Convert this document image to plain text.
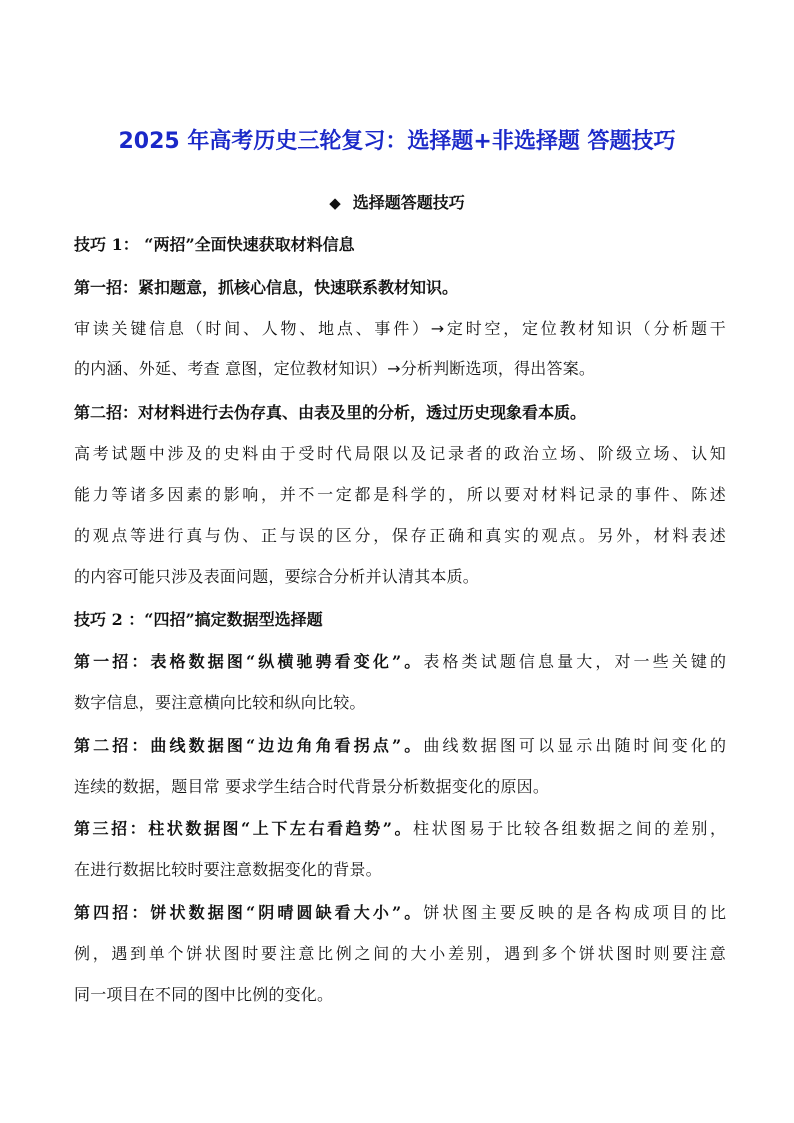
2025 年高考历史三轮复习：选择题+非选择题 答题技巧
◆ 选择题答题技巧
技巧 1： “两招”全面快速获取材料信息
第一招：紧扣题意，抓核心信息，快速联系教材知识。
审读关键信息（时间、人物、地点、事件）→定时空，定位教材知识（分析题干
的内涵、外延、考查 意图，定位教材知识）→分析判断选项，得出答案。
第二招：对材料进行去伪存真、由表及里的分析，透过历史现象看本质。
高考试题中涉及的史料由于受时代局限以及记录者的政治立场、阶级立场、认知
能力等诸多因素的影响，并不一定都是科学的，所以要对材料记录的事件、陈述
的观点等进行真与伪、正与误的区分，保存正确和真实的观点。另外，材料表述
的内容可能只涉及表面问题，要综合分析并认清其本质。
技巧 2 ：“四招”搞定数据型选择题
第一招：表格数据图“纵横驰骋看变化”。表格类试题信息量大，对一些关键的
数字信息，要注意横向比较和纵向比较。
第二招：曲线数据图“边边角角看拐点”。曲线数据图可以显示出随时间变化的
连续的数据，题目常 要求学生结合时代背景分析数据变化的原因。
第三招：柱状数据图“上下左右看趋势”。柱状图易于比较各组数据之间的差别，
在进行数据比较时要注意数据变化的背景。
第四招：饼状数据图“阴晴圆缺看大小”。饼状图主要反映的是各构成项目的比
例，遇到单个饼状图时要注意比例之间的大小差别，遇到多个饼状图时则要注意
同一项目在不同的图中比例的变化。
